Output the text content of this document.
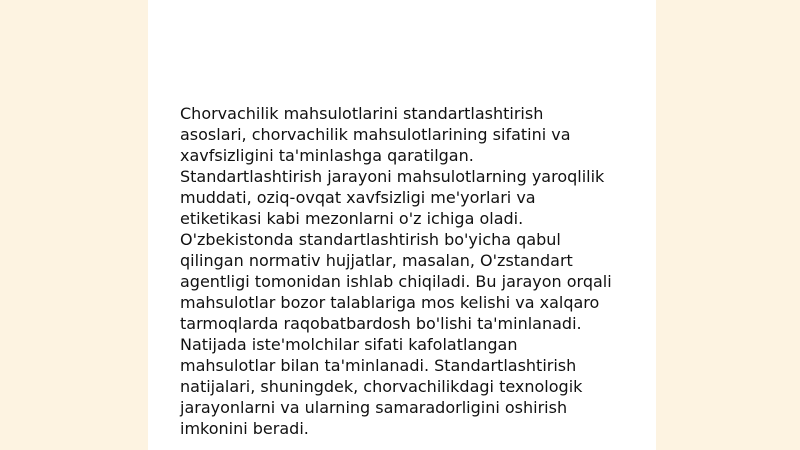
Chorvachilik mahsulotlarini standartlashtirish
asoslari, chorvachilik mahsulotlarining sifatini va
xavfsizligini ta'minlashga qaratilgan.
Standartlashtirish jarayoni mahsulotlarning yaroqlilik
muddati, oziq-ovqat xavfsizligi me'yorlari va
etiketikasi kabi mezonlarni o'z ichiga oladi.
O'zbekistonda standartlashtirish bo'yicha qabul
qilingan normativ hujjatlar, masalan, O'zstandart
agentligi tomonidan ishlab chiqiladi. Bu jarayon orqali
mahsulotlar bozor talablariga mos kelishi va xalqaro
tarmoqlarda raqobatbardosh bo'lishi ta'minlanadi.
Natijada iste'molchilar sifati kafolatlangan
mahsulotlar bilan ta'minlanadi. Standartlashtirish
natijalari, shuningdek, chorvachilikdagi texnologik
jarayonlarni va ularning samaradorligini oshirish
imkonini beradi.
